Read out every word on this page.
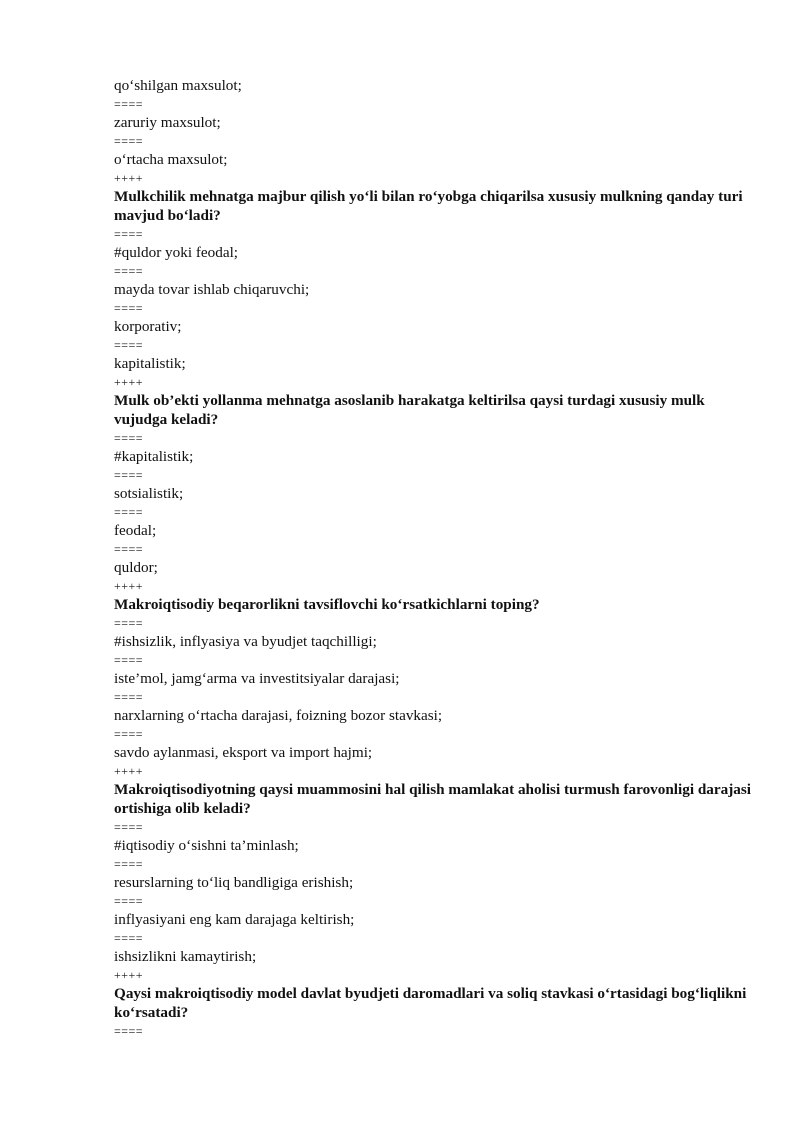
qo‘shilgan maxsulot;

====

zaruriy maxsulot;

====

o‘rtacha maxsulot;

++++

Mulkchilik mehnatga majbur qilish yo‘li bilan ro‘yobga chiqarilsa xususiy mulkning qanday turi mavjud bo‘ladi?

====

#quldor yoki feodal;

====

mayda tovar ishlab chiqaruvchi;

====

korporativ;

====

kapitalistik;

++++

Mulk ob’ekti yollanma mehnatga asoslanib harakatga keltirilsa qaysi turdagi xususiy mulk vujudga keladi?

====

#kapitalistik;

====

sotsialistik;

====

feodal;

====

quldor;

++++

Makroiqtisodiy beqarorlikni tavsiflovchi ko‘rsatkichlarni toping?

====

#ishsizlik, inflyasiya va byudjet taqchilligi;

====

iste’mol, jamg‘arma va investitsiyalar darajasi;

====

narxlarning o‘rtacha darajasi, foizning bozor stavkasi;

====

savdo aylanmasi, eksport va import hajmi;

++++

Makroiqtisodiyotning qaysi muammosini hal qilish mamlakat aholisi turmush farovonligi darajasi ortishiga olib keladi?

====

#iqtisodiy o‘sishni ta’minlash;

====

resurslarning to‘liq bandligiga erishish;

====

inflyasiyani eng kam darajaga keltirish;

====

ishsizlikni kamaytirish;

++++

Qaysi makroiqtisodiy model davlat byudjeti daromadlari va soliq stavkasi o‘rtasidagi bog‘liqlikni ko‘rsatadi?

====
